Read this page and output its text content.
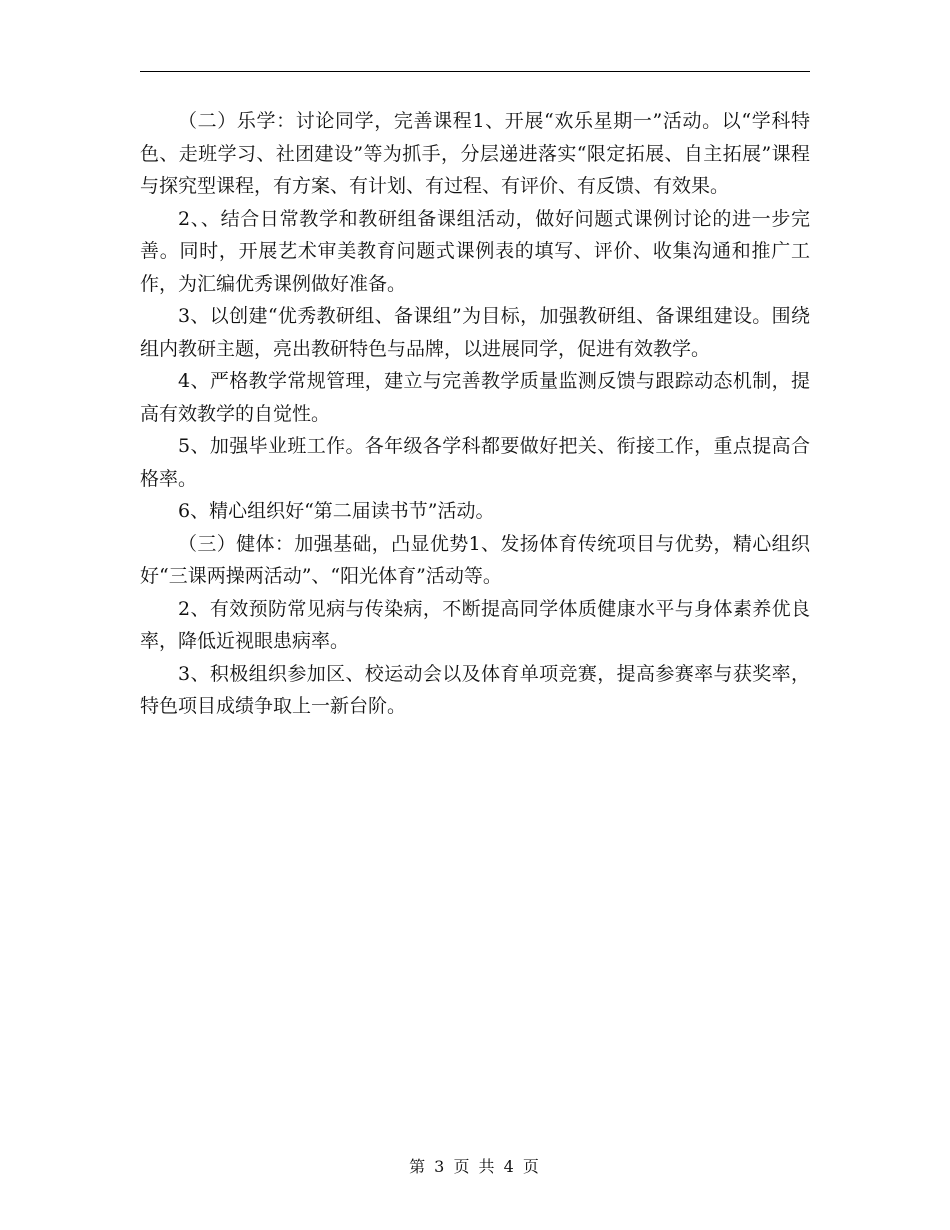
（二）乐学：讨论同学，完善课程1、开展“欢乐星期一”活动。以“学科特色、走班学习、社团建设”等为抓手，分层递进落实“限定拓展、自主拓展”课程与探究型课程，有方案、有计划、有过程、有评价、有反馈、有效果。

2、、结合日常教学和教研组备课组活动，做好问题式课例讨论的进一步完善。同时，开展艺术审美教育问题式课例表的填写、评价、收集沟通和推广工作，为汇编优秀课例做好准备。

3、以创建“优秀教研组、备课组”为目标，加强教研组、备课组建设。围绕组内教研主题，亮出教研特色与品牌，以进展同学，促进有效教学。

4、严格教学常规管理，建立与完善教学质量监测反馈与跟踪动态机制，提高有效教学的自觉性。

5、加强毕业班工作。各年级各学科都要做好把关、衔接工作，重点提高合格率。

6、精心组织好“第二届读书节”活动。

（三）健体：加强基础，凸显优势1、发扬体育传统项目与优势，精心组织好“三课两操两活动”、“阳光体育”活动等。

2、有效预防常见病与传染病，不断提高同学体质健康水平与身体素养优良率，降低近视眼患病率。

3、积极组织参加区、校运动会以及体育单项竞赛，提高参赛率与获奖率，特色项目成绩争取上一新台阶。

第 3 页 共 4 页
